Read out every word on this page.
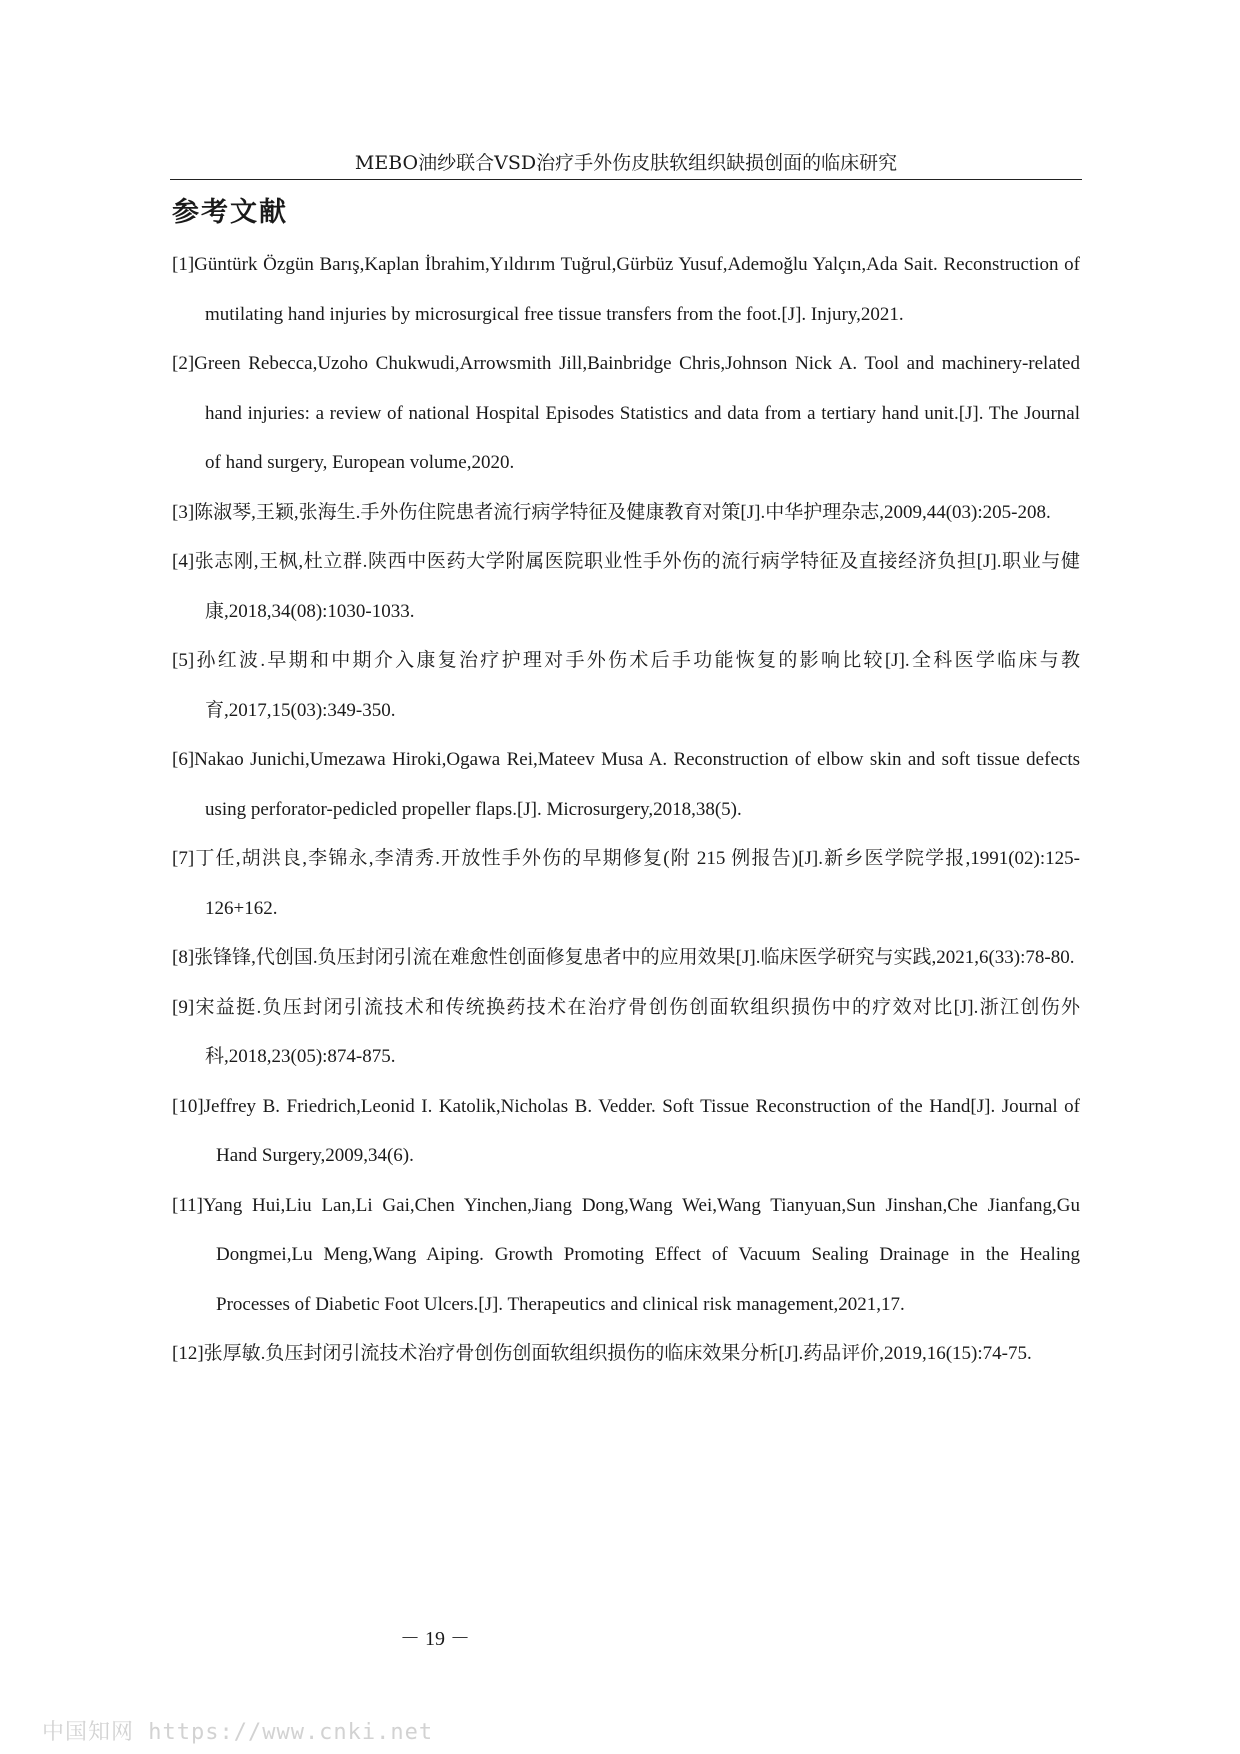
MEBO油纱联合VSD治疗手外伤皮肤软组织缺损创面的临床研究
参考文献
[1]Güntürk Özgün Barış,Kaplan İbrahim,Yıldırım Tuğrul,Gürbüz Yusuf,Ademoğlu Yalçın,Ada Sait. Reconstruction of mutilating hand injuries by microsurgical free tissue transfers from the foot.[J]. Injury,2021.
[2]Green Rebecca,Uzoho Chukwudi,Arrowsmith Jill,Bainbridge Chris,Johnson Nick A. Tool and machinery-related hand injuries: a review of national Hospital Episodes Statistics and data from a tertiary hand unit.[J]. The Journal of hand surgery, European volume,2020.
[3]陈淑琴,王颖,张海生.手外伤住院患者流行病学特征及健康教育对策[J].中华护理杂志,2009,44(03):205-208.
[4]张志刚,王枫,杜立群.陕西中医药大学附属医院职业性手外伤的流行病学特征及直接经济负担[J].职业与健康,2018,34(08):1030-1033.
[5]孙红波.早期和中期介入康复治疗护理对手外伤术后手功能恢复的影响比较[J].全科医学临床与教育,2017,15(03):349-350.
[6]Nakao Junichi,Umezawa Hiroki,Ogawa Rei,Mateev Musa A. Reconstruction of elbow skin and soft tissue defects using perforator-pedicled propeller flaps.[J]. Microsurgery,2018,38(5).
[7]丁任,胡洪良,李锦永,李清秀.开放性手外伤的早期修复(附 215 例报告)[J].新乡医学院学报,1991(02):125-126+162.
[8]张锋锋,代创国.负压封闭引流在难愈性创面修复患者中的应用效果[J].临床医学研究与实践,2021,6(33):78-80.
[9]宋益挺.负压封闭引流技术和传统换药技术在治疗骨创伤创面软组织损伤中的疗效对比[J].浙江创伤外科,2018,23(05):874-875.
[10]Jeffrey B. Friedrich,Leonid I. Katolik,Nicholas B. Vedder. Soft Tissue Reconstruction of the Hand[J]. Journal of Hand Surgery,2009,34(6).
[11]Yang Hui,Liu Lan,Li Gai,Chen Yinchen,Jiang Dong,Wang Wei,Wang Tianyuan,Sun Jinshan,Che Jianfang,Gu Dongmei,Lu Meng,Wang Aiping. Growth Promoting Effect of Vacuum Sealing Drainage in the Healing Processes of Diabetic Foot Ulcers.[J]. Therapeutics and clinical risk management,2021,17.
[12]张厚敏.负压封闭引流技术治疗骨创伤创面软组织损伤的临床效果分析[J].药品评价,2019,16(15):74-75.
－ 19 －
中国知网 https://www.cnki.net
